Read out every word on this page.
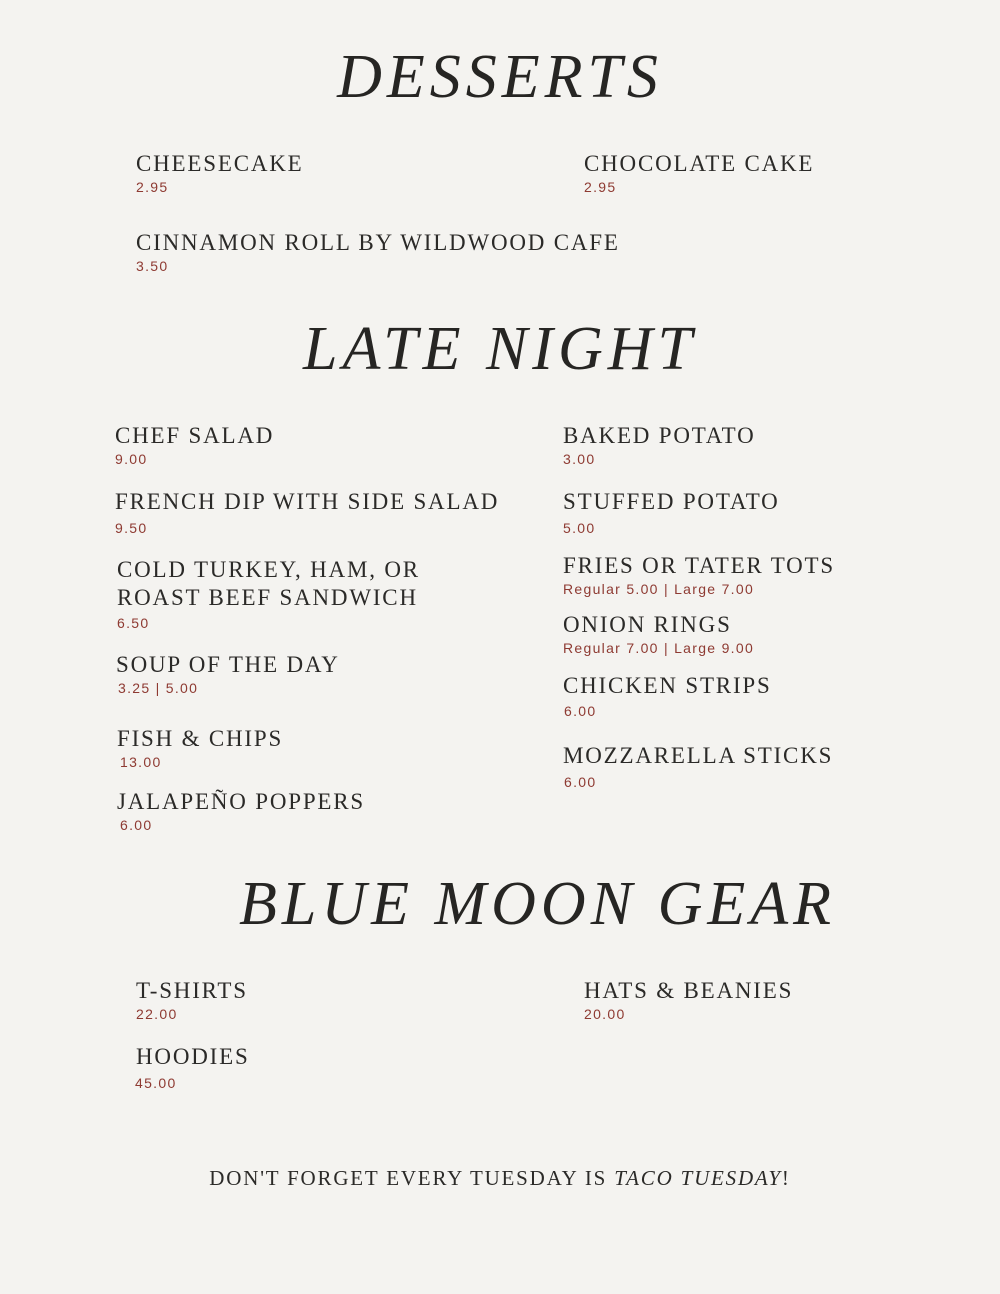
DESSERTS
CHEESECAKE
2.95
CHOCOLATE CAKE
2.95
CINNAMON ROLL BY WILDWOOD CAFE
3.50
LATE NIGHT
CHEF SALAD
9.00
FRENCH DIP WITH SIDE SALAD
9.50
COLD TURKEY, HAM, OR ROAST BEEF SANDWICH
6.50
SOUP OF THE DAY
3.25 | 5.00
FISH & CHIPS
13.00
JALAPEÑO POPPERS
6.00
BAKED POTATO
3.00
STUFFED POTATO
5.00
FRIES OR TATER TOTS
Regular 5.00 | Large 7.00
ONION RINGS
Regular 7.00 | Large 9.00
CHICKEN STRIPS
6.00
MOZZARELLA STICKS
6.00
BLUE MOON GEAR
T-SHIRTS
22.00
HATS & BEANIES
20.00
HOODIES
45.00
DON'T FORGET EVERY TUESDAY IS TACO TUESDAY!
